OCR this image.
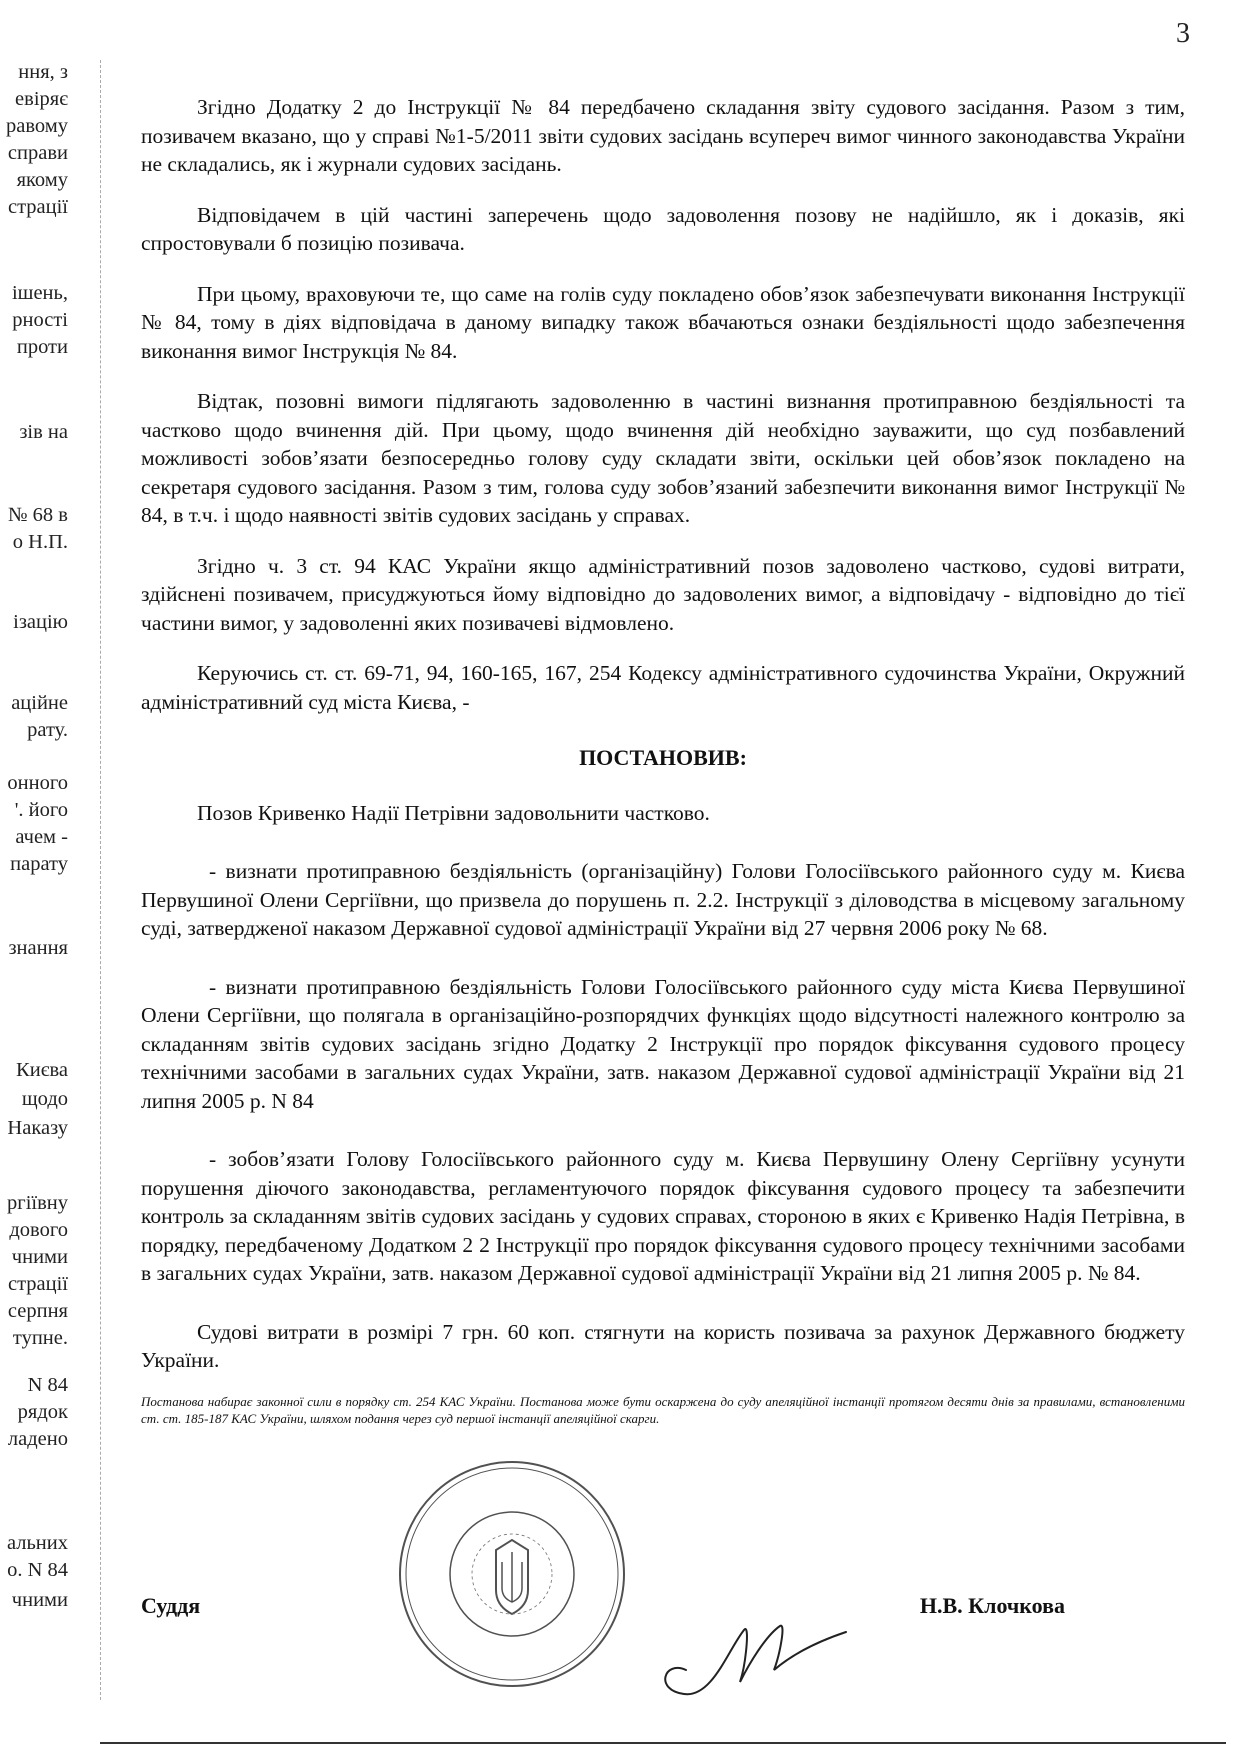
3
ння, з
евіряє
равому
справи
якому
страції
ішень,
рності
проти
зів на
№ 68 в
о Н.П.
ізацію
аційне
рату.
онного
'. його
ачем -
парату
знання
Києва
щодо
Наказу
ргіївну
дового
чними
страції
серпня
тупне.
N 84
рядок
ладено
альних
о. N 84
чними

Згідно Додатку 2 до Інструкції № 84 передбачено складання звіту судового засідання. Разом з тим, позивачем вказано, що у справі №1-5/2011 звіти судових засідань всупереч вимог чинного законодавства України не складались, як і журнали судових засідань.

Відповідачем в цій частині заперечень щодо задоволення позову не надійшло, як і доказів, які спростовували б позицію позивача.

При цьому, враховуючи те, що саме на голів суду покладено обов’язок забезпечувати виконання Інструкції № 84, тому в діях відповідача в даному випадку також вбачаються ознаки бездіяльності щодо забезпечення виконання вимог Інструкція № 84.

Відтак, позовні вимоги підлягають задоволенню в частині визнання протиправною бездіяльності та частково щодо вчинення дій. При цьому, щодо вчинення дій необхідно зауважити, що суд позбавлений можливості зобов’язати безпосередньо голову суду складати звіти, оскільки цей обов’язок покладено на секретаря судового засідання. Разом з тим, голова суду зобов’язаний забезпечити виконання вимог Інструкції № 84, в т.ч. і щодо наявності звітів судових засідань у справах.

Згідно ч. 3 ст. 94 КАС України якщо адміністративний позов задоволено частково, судові витрати, здійснені позивачем, присуджуються йому відповідно до задоволених вимог, а відповідачу - відповідно до тієї частини вимог, у задоволенні яких позивачеві відмовлено.

Керуючись ст. ст. 69-71, 94, 160-165, 167, 254 Кодексу адміністративного судочинства України, Окружний адміністративний суд міста Києва, -

ПОСТАНОВИВ:

Позов Кривенко Надії Петрівни задовольнити частково.

- визнати протиправною бездіяльність (організаційну) Голови Голосіївського районного суду м. Києва Первушиної Олени Сергіївни, що призвела до порушень п. 2.2. Інструкції з діловодства в місцевому загальному суді, затвердженої наказом Державної судової адміністрації України від 27 червня 2006 року № 68.

- визнати протиправною бездіяльність Голови Голосіївського районного суду міста Києва Первушиної Олени Сергіївни, що полягала в організаційно-розпорядчих функціях щодо відсутності належного контролю за складанням звітів судових засідань згідно Додатку 2 Інструкції про порядок фіксування судового процесу технічними засобами в загальних судах України, затв. наказом Державної судової адміністрації України від 21 липня 2005 р. N 84

- зобов’язати Голову Голосіївського районного суду м. Києва Первушину Олену Сергіївну усунути порушення діючого законодавства, регламентуючого порядок фіксування судового процесу та забезпечити контроль за складанням звітів судових засідань у судових справах, стороною в яких є Кривенко Надія Петрівна, в порядку, передбаченому Додатком 2 2 Інструкції про порядок фіксування судового процесу технічними засобами в загальних судах України, затв. наказом Державної судової адміністрації України від 21 липня 2005 р. № 84.

Судові витрати в розмірі 7 грн. 60 коп. стягнути на користь позивача за рахунок Державного бюджету України.

Постанова набирає законної сили в порядку ст. 254 КАС України. Постанова може бути оскаржена до суду апеляційної інстанції протягом десяти днів за правилами, встановленими ст. ст. 185-187 КАС України, шляхом подання через суд першої інстанції апеляційної скарги.

Суддя	Н.В. Клочкова
